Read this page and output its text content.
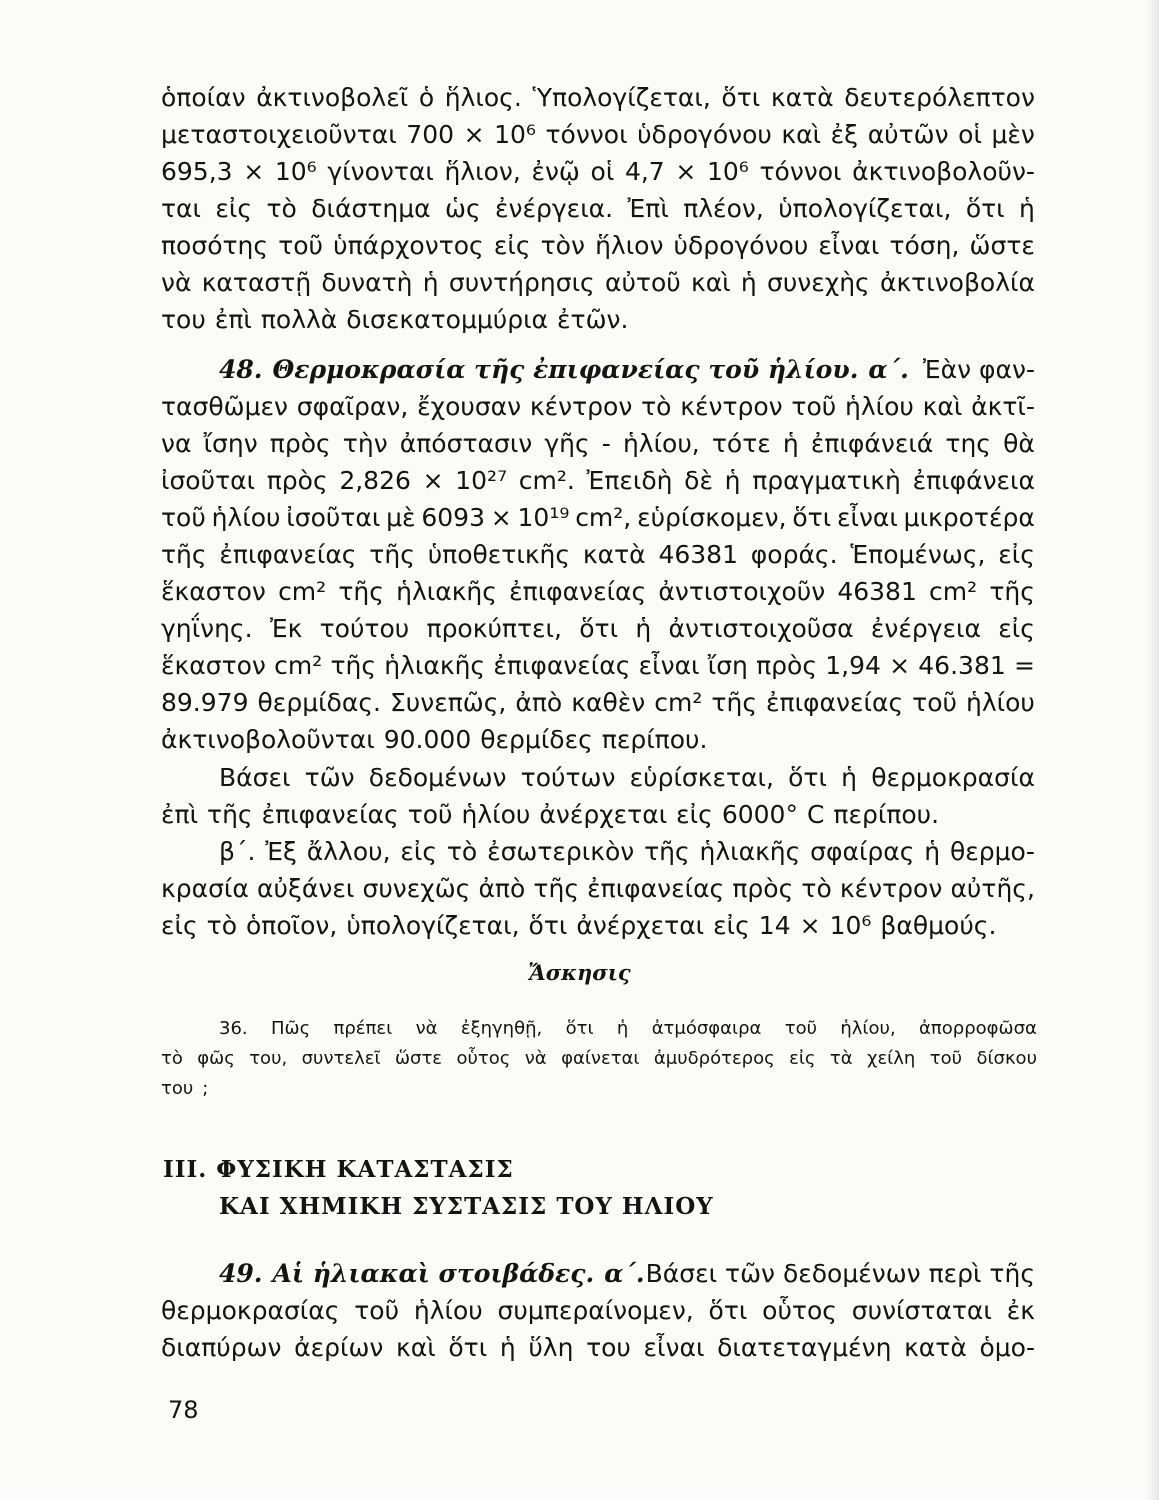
ὁποίαν ἀκτινοβολεῖ ὁ ἥλιος. Ὑπολογίζεται, ὅτι κατὰ δευτερόλεπτον
μεταστοιχειοῦνται 700 × 10⁶ τόννοι ὑδρογόνου καὶ ἐξ αὐτῶν οἱ μὲν
695,3 × 10⁶ γίνονται ἥλιον, ἐνῷ οἱ 4,7 × 10⁶ τόννοι ἀκτινοβολοῦν-
ται εἰς τὸ διάστημα ὡς ἐνέργεια. Ἐπὶ πλέον, ὑπολογίζεται, ὅτι ἡ
ποσότης τοῦ ὑπάρχοντος εἰς τὸν ἥλιον ὑδρογόνου εἶναι τόση, ὥστε
νὰ καταστῇ δυνατὴ ἡ συντήρησις αὐτοῦ καὶ ἡ συνεχὴς ἀκτινοβολία
του ἐπὶ πολλὰ δισεκατομμύρια ἐτῶν.
48. Θερμοκρασία τῆς ἐπιφανείας τοῦ ἡλίου. α΄. Ἐὰν φαν-
τασθῶμεν σφαῖραν, ἔχουσαν κέντρον τὸ κέντρον τοῦ ἡλίου καὶ ἀκτῖ-
να ἴσην πρὸς τὴν ἀπόστασιν γῆς - ἡλίου, τότε ἡ ἐπιφάνειά της θὰ
ἰσοῦται πρὸς 2,826 × 10²⁷ cm². Ἐπειδὴ δὲ ἡ πραγματικὴ ἐπιφάνεια
τοῦ ἡλίου ἰσοῦται μὲ 6093 × 10¹⁹ cm², εὑρίσκομεν, ὅτι εἶναι μικροτέρα
τῆς ἐπιφανείας τῆς ὑποθετικῆς κατὰ 46381 φοράς. Ἑπομένως, εἰς
ἕκαστον cm² τῆς ἡλιακῆς ἐπιφανείας ἀντιστοιχοῦν 46381 cm² τῆς
γηΐνης. Ἐκ τούτου προκύπτει, ὅτι ἡ ἀντιστοιχοῦσα ἐνέργεια εἰς
ἕκαστον cm² τῆς ἡλιακῆς ἐπιφανείας εἶναι ἴση πρὸς 1,94 × 46.381 =
89.979 θερμίδας. Συνεπῶς, ἀπὸ καθὲν cm² τῆς ἐπιφανείας τοῦ ἡλίου
ἀκτινοβολοῦνται 90.000 θερμίδες περίπου.
Βάσει τῶν δεδομένων τούτων εὑρίσκεται, ὅτι ἡ θερμοκρασία
ἐπὶ τῆς ἐπιφανείας τοῦ ἡλίου ἀνέρχεται εἰς 6000° C περίπου.
β΄. Ἐξ ἄλλου, εἰς τὸ ἐσωτερικὸν τῆς ἡλιακῆς σφαίρας ἡ θερμο-
κρασία αὐξάνει συνεχῶς ἀπὸ τῆς ἐπιφανείας πρὸς τὸ κέντρον αὐτῆς,
εἰς τὸ ὁποῖον, ὑπολογίζεται, ὅτι ἀνέρχεται εἰς 14 × 10⁶ βαθμούς.
Ἄσκησις
36. Πῶς πρέπει νὰ ἐξηγηθῇ, ὅτι ἡ ἀτμόσφαιρα τοῦ ἡλίου, ἀπορροφῶσα
τὸ φῶς του, συντελεῖ ὥστε οὗτος νὰ φαίνεται ἀμυδρότερος εἰς τὰ χείλη τοῦ δίσκου
του ;
III. ΦΥΣΙΚΗ ΚΑΤΑΣΤΑΣΙΣ
ΚΑΙ ΧΗΜΙΚΗ ΣΥΣΤΑΣΙΣ ΤΟΥ ΗΛΙΟΥ
49. Αἱ ἡλιακαὶ στοιβάδες. α΄. Βάσει τῶν δεδομένων περὶ τῆς
θερμοκρασίας τοῦ ἡλίου συμπεραίνομεν, ὅτι οὗτος συνίσταται ἐκ
διαπύρων ἀερίων καὶ ὅτι ἡ ὕλη του εἶναι διατεταγμένη κατὰ ὁμο-
78
